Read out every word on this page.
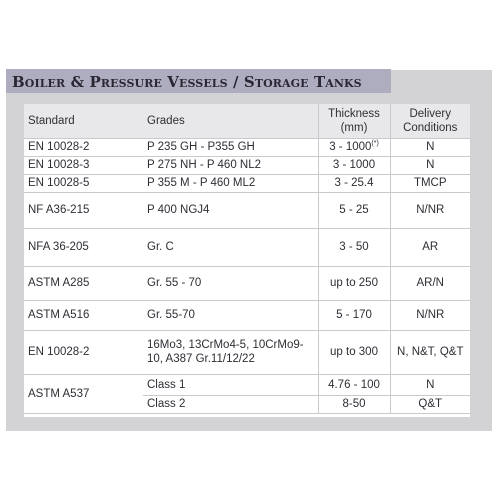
Boiler & Pressure Vessels / Storage Tanks
Standard	Grades	Thickness (mm)	Delivery Conditions
EN 10028-2	P 235 GH - P355 GH	3 - 1000(*)	N
EN 10028-3	P 275 NH - P 460 NL2	3 - 1000	N
EN 10028-5	P 355 M - P 460 ML2	3 - 25.4	TMCP
NF A36-215	P 400 NGJ4	5 - 25	N/NR
NFA 36-205	Gr. C	3 - 50	AR
ASTM A285	Gr. 55 - 70	up to 250	AR/N
ASTM A516	Gr. 55-70	5 - 170	N/NR
EN 10028-2	16Mo3, 13CrMo4-5, 10CrMo9-10, A387 Gr.11/12/22	up to 300	N, N&T, Q&T
ASTM A537	Class 1	4.76 - 100	N
	Class 2	8-50	Q&T
